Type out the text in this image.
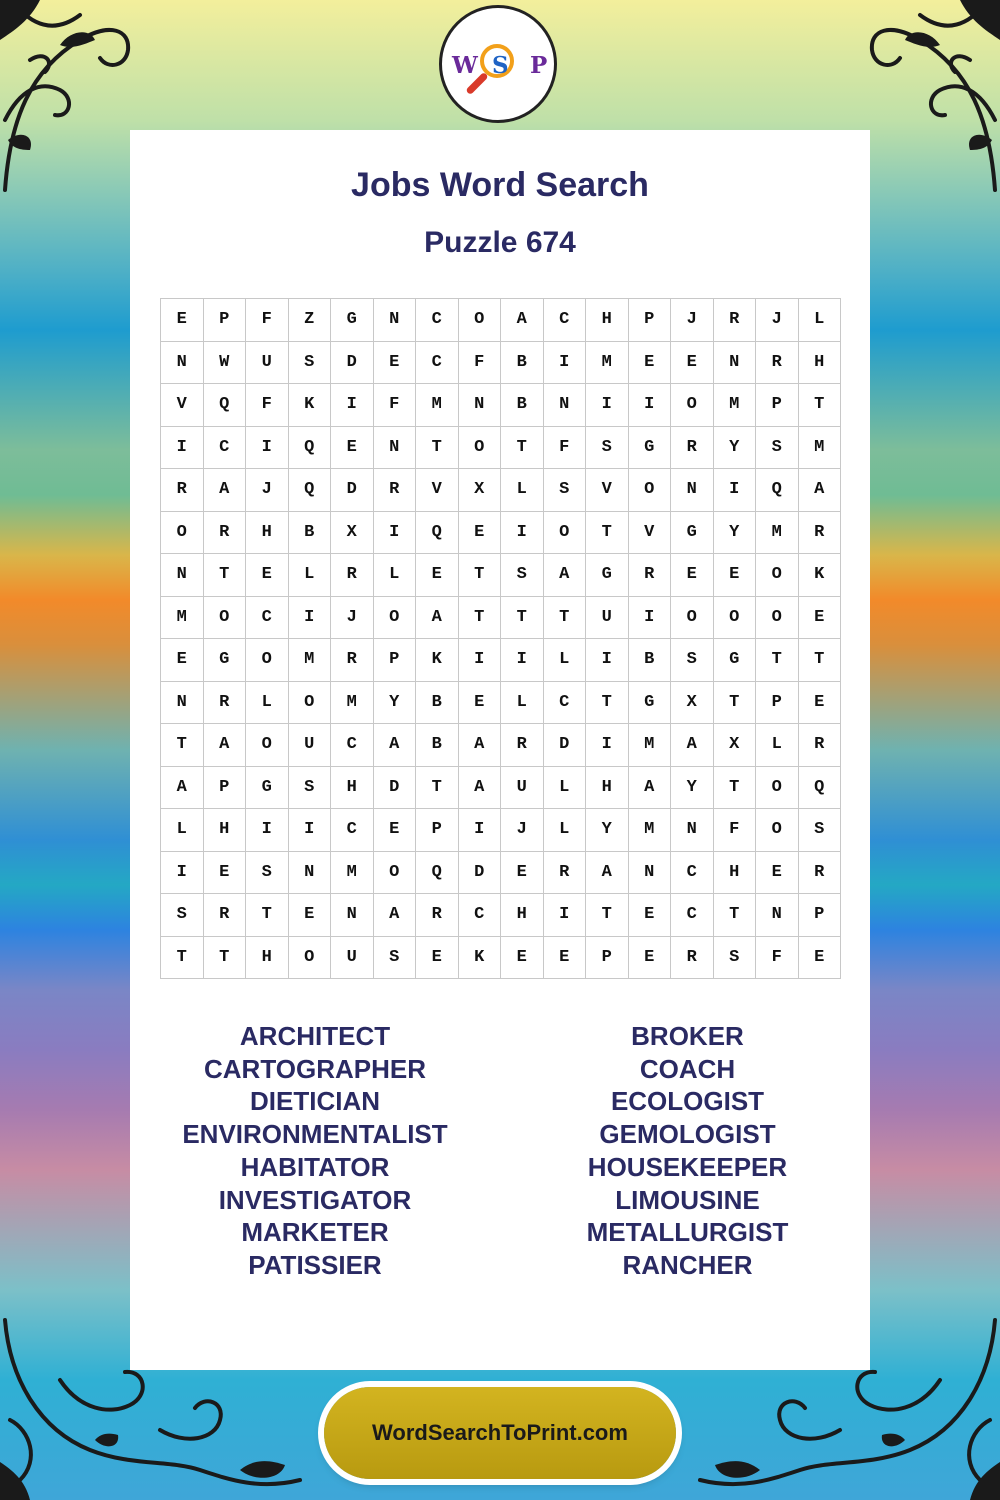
W S P
Jobs Word Search
Puzzle 674
E	P	F	Z	G	N	C	O	A	C	H	P	J	R	J	L
N	W	U	S	D	E	C	F	B	I	M	E	E	N	R	H
V	Q	F	K	I	F	M	N	B	N	I	I	O	M	P	T
I	C	I	Q	E	N	T	O	T	F	S	G	R	Y	S	M
R	A	J	Q	D	R	V	X	L	S	V	O	N	I	Q	A
O	R	H	B	X	I	Q	E	I	O	T	V	G	Y	M	R
N	T	E	L	R	L	E	T	S	A	G	R	E	E	O	K
M	O	C	I	J	O	A	T	T	T	U	I	O	O	O	E
E	G	O	M	R	P	K	I	I	L	I	B	S	G	T	T
N	R	L	O	M	Y	B	E	L	C	T	G	X	T	P	E
T	A	O	U	C	A	B	A	R	D	I	M	A	X	L	R
A	P	G	S	H	D	T	A	U	L	H	A	Y	T	O	Q
L	H	I	I	C	E	P	I	J	L	Y	M	N	F	O	S
I	E	S	N	M	O	Q	D	E	R	A	N	C	H	E	R
S	R	T	E	N	A	R	C	H	I	T	E	C	T	N	P
T	T	H	O	U	S	E	K	E	E	P	E	R	S	F	E
ARCHITECT
CARTOGRAPHER
DIETICIAN
ENVIRONMENTALIST
HABITATOR
INVESTIGATOR
MARKETER
PATISSIER
BROKER
COACH
ECOLOGIST
GEMOLOGIST
HOUSEKEEPER
LIMOUSINE
METALLURGIST
RANCHER
WordSearchToPrint.com
